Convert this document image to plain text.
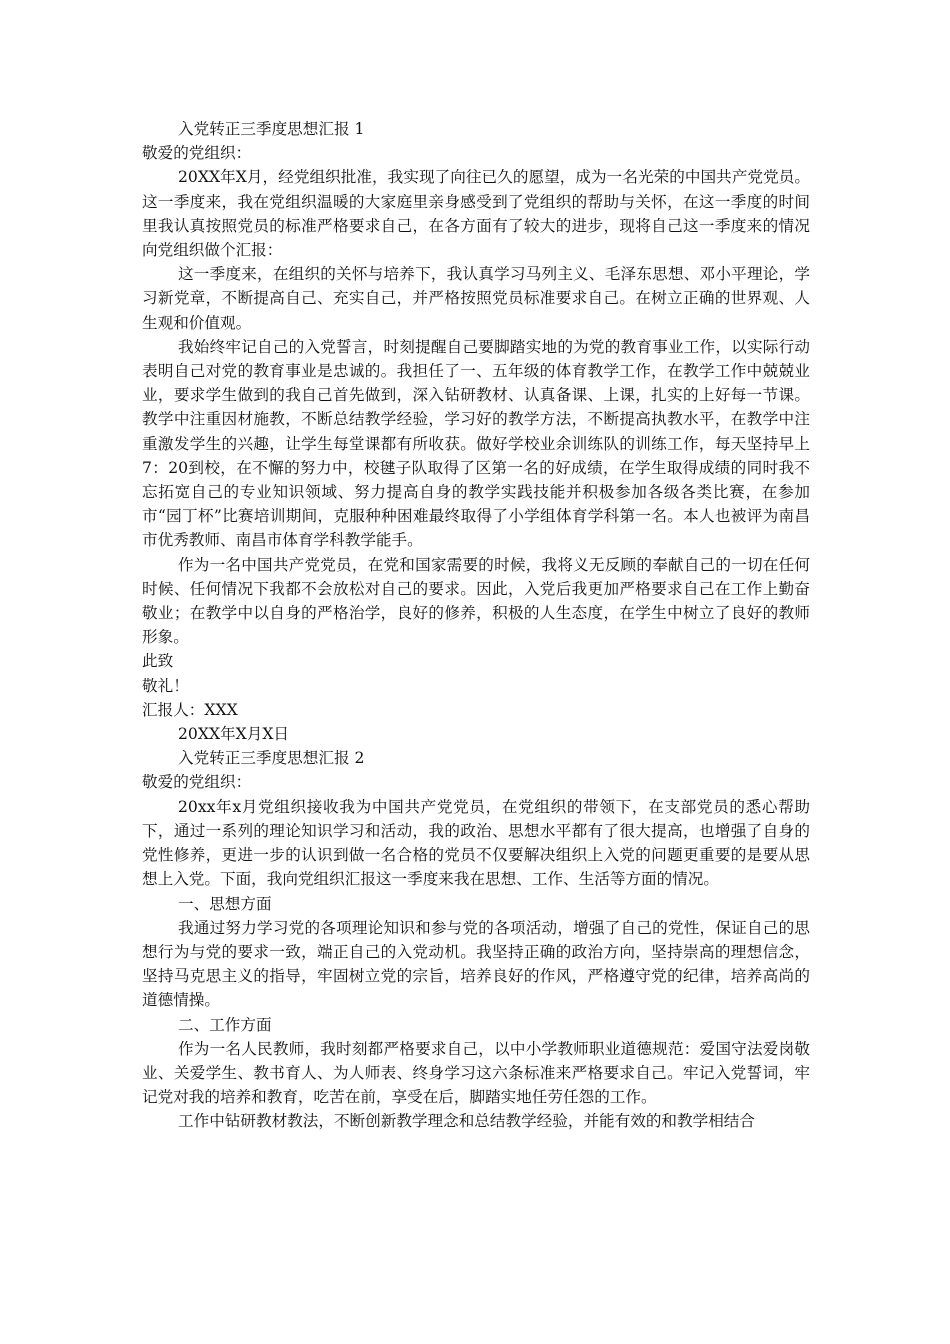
入党转正三季度思想汇报 1
敬爱的党组织：

20XX年X月，经党组织批准，我实现了向往已久的愿望，成为一名光荣的中国共产党党员。这一季度来，我在党组织温暖的大家庭里亲身感受到了党组织的帮助与关怀，在这一季度的时间里我认真按照党员的标准严格要求自己，在各方面有了较大的进步，现将自己这一季度来的情况向党组织做个汇报：

这一季度来，在组织的关怀与培养下，我认真学习马列主义、毛泽东思想、邓小平理论，学习新党章，不断提高自己、充实自己，并严格按照党员标准要求自己。在树立正确的世界观、人生观和价值观。

我始终牢记自己的入党誓言，时刻提醒自己要脚踏实地的为党的教育事业工作，以实际行动表明自己对党的教育事业是忠诚的。我担任了一、五年级的体育教学工作，在教学工作中兢兢业业，要求学生做到的我自己首先做到，深入钻研教材、认真备课、上课，扎实的上好每一节课。教学中注重因材施教，不断总结教学经验，学习好的教学方法，不断提高执教水平，在教学中注重激发学生的兴趣，让学生每堂课都有所收获。做好学校业余训练队的训练工作，每天坚持早上7：20到校，在不懈的努力中，校毽子队取得了区第一名的好成绩，在学生取得成绩的同时我不忘拓宽自己的专业知识领域、努力提高自身的教学实践技能并积极参加各级各类比赛，在参加市“园丁杯”比赛培训期间，克服种种困难最终取得了小学组体育学科第一名。本人也被评为南昌市优秀教师、南昌市体育学科教学能手。

作为一名中国共产党党员，在党和国家需要的时候，我将义无反顾的奉献自己的一切在任何时候、任何情况下我都不会放松对自己的要求。因此，入党后我更加严格要求自己在工作上勤奋敬业；在教学中以自身的严格治学，良好的修养，积极的人生态度，在学生中树立了良好的教师形象。

此致
敬礼！
汇报人：XXX
20XX年X月X日
入党转正三季度思想汇报 2
敬爱的党组织：

20xx年x月党组织接收我为中国共产党党员，在党组织的带领下，在支部党员的悉心帮助下，通过一系列的理论知识学习和活动，我的政治、思想水平都有了很大提高，也增强了自身的党性修养，更进一步的认识到做一名合格的党员不仅要解决组织上入党的问题更重要的是要从思想上入党。下面，我向党组织汇报这一季度来我在思想、工作、生活等方面的情况。

一、思想方面

我通过努力学习党的各项理论知识和参与党的各项活动，增强了自己的党性，保证自己的思想行为与党的要求一致，端正自己的入党动机。我坚持正确的政治方向，坚持崇高的理想信念，坚持马克思主义的指导，牢固树立党的宗旨，培养良好的作风，严格遵守党的纪律，培养高尚的道德情操。

二、工作方面

作为一名人民教师，我时刻都严格要求自己，以中小学教师职业道德规范：爱国守法爱岗敬业、关爱学生、教书育人、为人师表、终身学习这六条标准来严格要求自己。牢记入党誓词，牢记党对我的培养和教育，吃苦在前，享受在后，脚踏实地任劳任怨的工作。

工作中钻研教材教法，不断创新教学理念和总结教学经验，并能有效的和教学相结合
